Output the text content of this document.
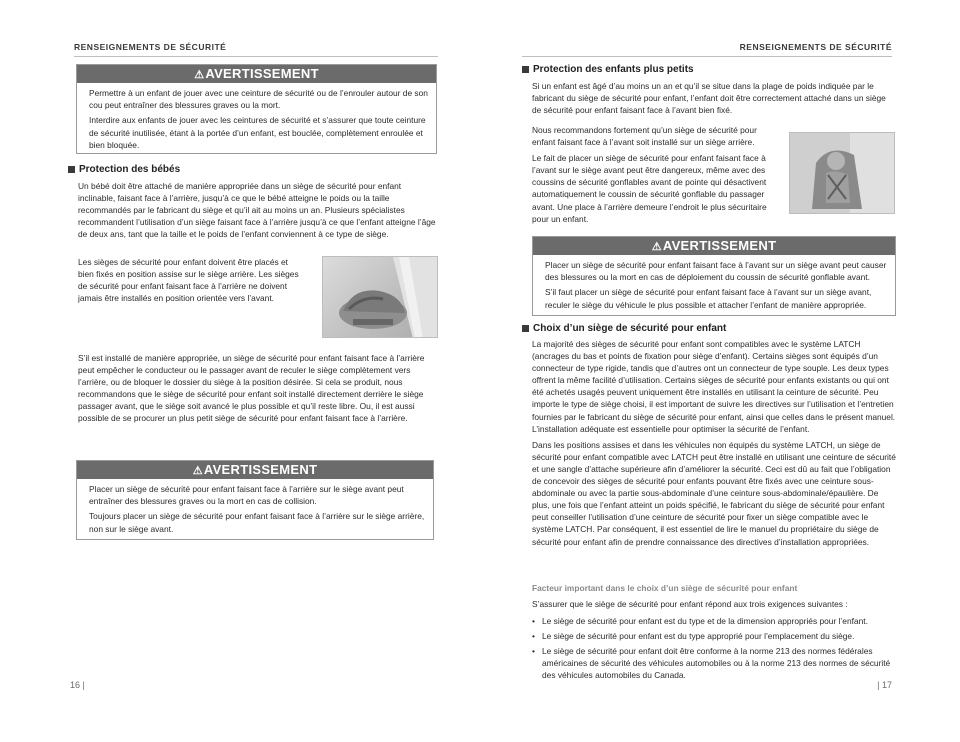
RENSEIGNEMENTS DE SÉCURITÉ
⚠AVERTISSEMENT

Permettre à un enfant de jouer avec une ceinture de sécurité ou de l’enrouler autour de son cou peut entraîner des blessures graves ou la mort.

Interdire aux enfants de jouer avec les ceintures de sécurité et s’assurer que toute ceinture de sécurité inutilisée, étant à la portée d’un enfant, est bouclée, complètement enroulée et bien bloquée.

Protection des bébés

Un bébé doit être attaché de manière appropriée dans un siège de sécurité pour enfant inclinable, faisant face à l’arrière, jusqu’à ce que le bébé atteigne le poids ou la taille recommandés par le fabricant du siège et qu’il ait au moins un an. Plusieurs spécialistes recommandent l’utilisation d’un siège faisant face à l’arrière jusqu’à ce que l’enfant atteigne l’âge de deux ans, tant que la taille et le poids de l’enfant conviennent à ce type de siège.

Les sièges de sécurité pour enfant doivent être placés et bien fixés en position assise sur le siège arrière. Les sièges de sécurité pour enfant faisant face à l’arrière ne doivent jamais être installés en position orientée vers l’avant.

S’il est installé de manière appropriée, un siège de sécurité pour enfant faisant face à l’arrière peut empêcher le conducteur ou le passager avant de reculer le siège complètement vers l’arrière, ou de bloquer le dossier du siège à la position désirée. Si cela se produit, nous recommandons que le siège de sécurité pour enfant soit installé directement derrière le siège passager avant, que le siège soit avancé le plus possible et qu’il reste libre. Ou, il est aussi possible de se procurer un plus petit siège de sécurité pour enfant faisant face à l’arrière.

⚠AVERTISSEMENT

Placer un siège de sécurité pour enfant faisant face à l’arrière sur le siège avant peut entraîner des blessures graves ou la mort en cas de collision.

Toujours placer un siège de sécurité pour enfant faisant face à l’arrière sur le siège arrière, non sur le siège avant.

16 |
RENSEIGNEMENTS DE SÉCURITÉ
Protection des enfants plus petits

Si un enfant est âgé d’au moins un an et qu’il se situe dans la plage de poids indiquée par le fabricant du siège de sécurité pour enfant, l’enfant doit être correctement attaché dans un siège de sécurité pour enfant faisant face à l’avant bien fixé.

Nous recommandons fortement qu’un siège de sécurité pour enfant faisant face à l’avant soit installé sur un siège arrière.

Le fait de placer un siège de sécurité pour enfant faisant face à l’avant sur le siège avant peut être dangereux, même avec des coussins de sécurité gonflables avant de pointe qui désactivent automatiquement le coussin de sécurité gonflable du passager avant. Une place à l’arrière demeure l’endroit le plus sécuritaire pour un enfant.

⚠AVERTISSEMENT

Placer un siège de sécurité pour enfant faisant face à l’avant sur un siège avant peut causer des blessures ou la mort en cas de déploiement du coussin de sécurité gonflable avant.

S’il faut placer un siège de sécurité pour enfant faisant face à l’avant sur un siège avant, reculer le siège du véhicule le plus possible et attacher l’enfant de manière appropriée.

Choix d’un siège de sécurité pour enfant

La majorité des sièges de sécurité pour enfant sont compatibles avec le système LATCH (ancrages du bas et points de fixation pour siège d’enfant). Certains sièges sont équipés d’un connecteur de type rigide, tandis que d’autres ont un connecteur de type souple. Les deux types offrent la même facilité d’utilisation. Certains sièges de sécurité pour enfants existants ou qui ont été achetés usagés peuvent uniquement être installés en utilisant la ceinture de sécurité. Peu importe le type de siège choisi, il est important de suivre les directives sur l’utilisation et l’entretien fournies par le fabricant du siège de sécurité pour enfant, ainsi que celles dans le présent manuel. L’installation adéquate est essentielle pour optimiser la sécurité de l’enfant.

Dans les positions assises et dans les véhicules non équipés du système LATCH, un siège de sécurité pour enfant compatible avec LATCH peut être installé en utilisant une ceinture de sécurité et une sangle d’attache supérieure afin d’améliorer la sécurité. Ceci est dû au fait que l’obligation de concevoir des sièges de sécurité pour enfants pouvant être fixés avec une ceinture sous-abdominale ou avec la partie sous-abdominale d’une ceinture sous-abdominale/épaulière. De plus, une fois que l’enfant atteint un poids spécifié, le fabricant du siège de sécurité pour enfant peut conseiller l’utilisation d’une ceinture de sécurité pour fixer un siège compatible avec le système LATCH. Par conséquent, il est essentiel de lire le manuel du propriétaire du siège de sécurité pour enfant afin de prendre connaissance des directives d’installation appropriées.

Facteur important dans le choix d’un siège de sécurité pour enfant

S’assurer que le siège de sécurité pour enfant répond aux trois exigences suivantes :

• Le siège de sécurité pour enfant est du type et de la dimension appropriés pour l’enfant.
• Le siège de sécurité pour enfant est du type approprié pour l’emplacement du siège.
• Le siège de sécurité pour enfant doit être conforme à la norme 213 des normes fédérales américaines de sécurité des véhicules automobiles ou à la norme 213 des normes de sécurité des véhicules automobiles du Canada.
| 17
